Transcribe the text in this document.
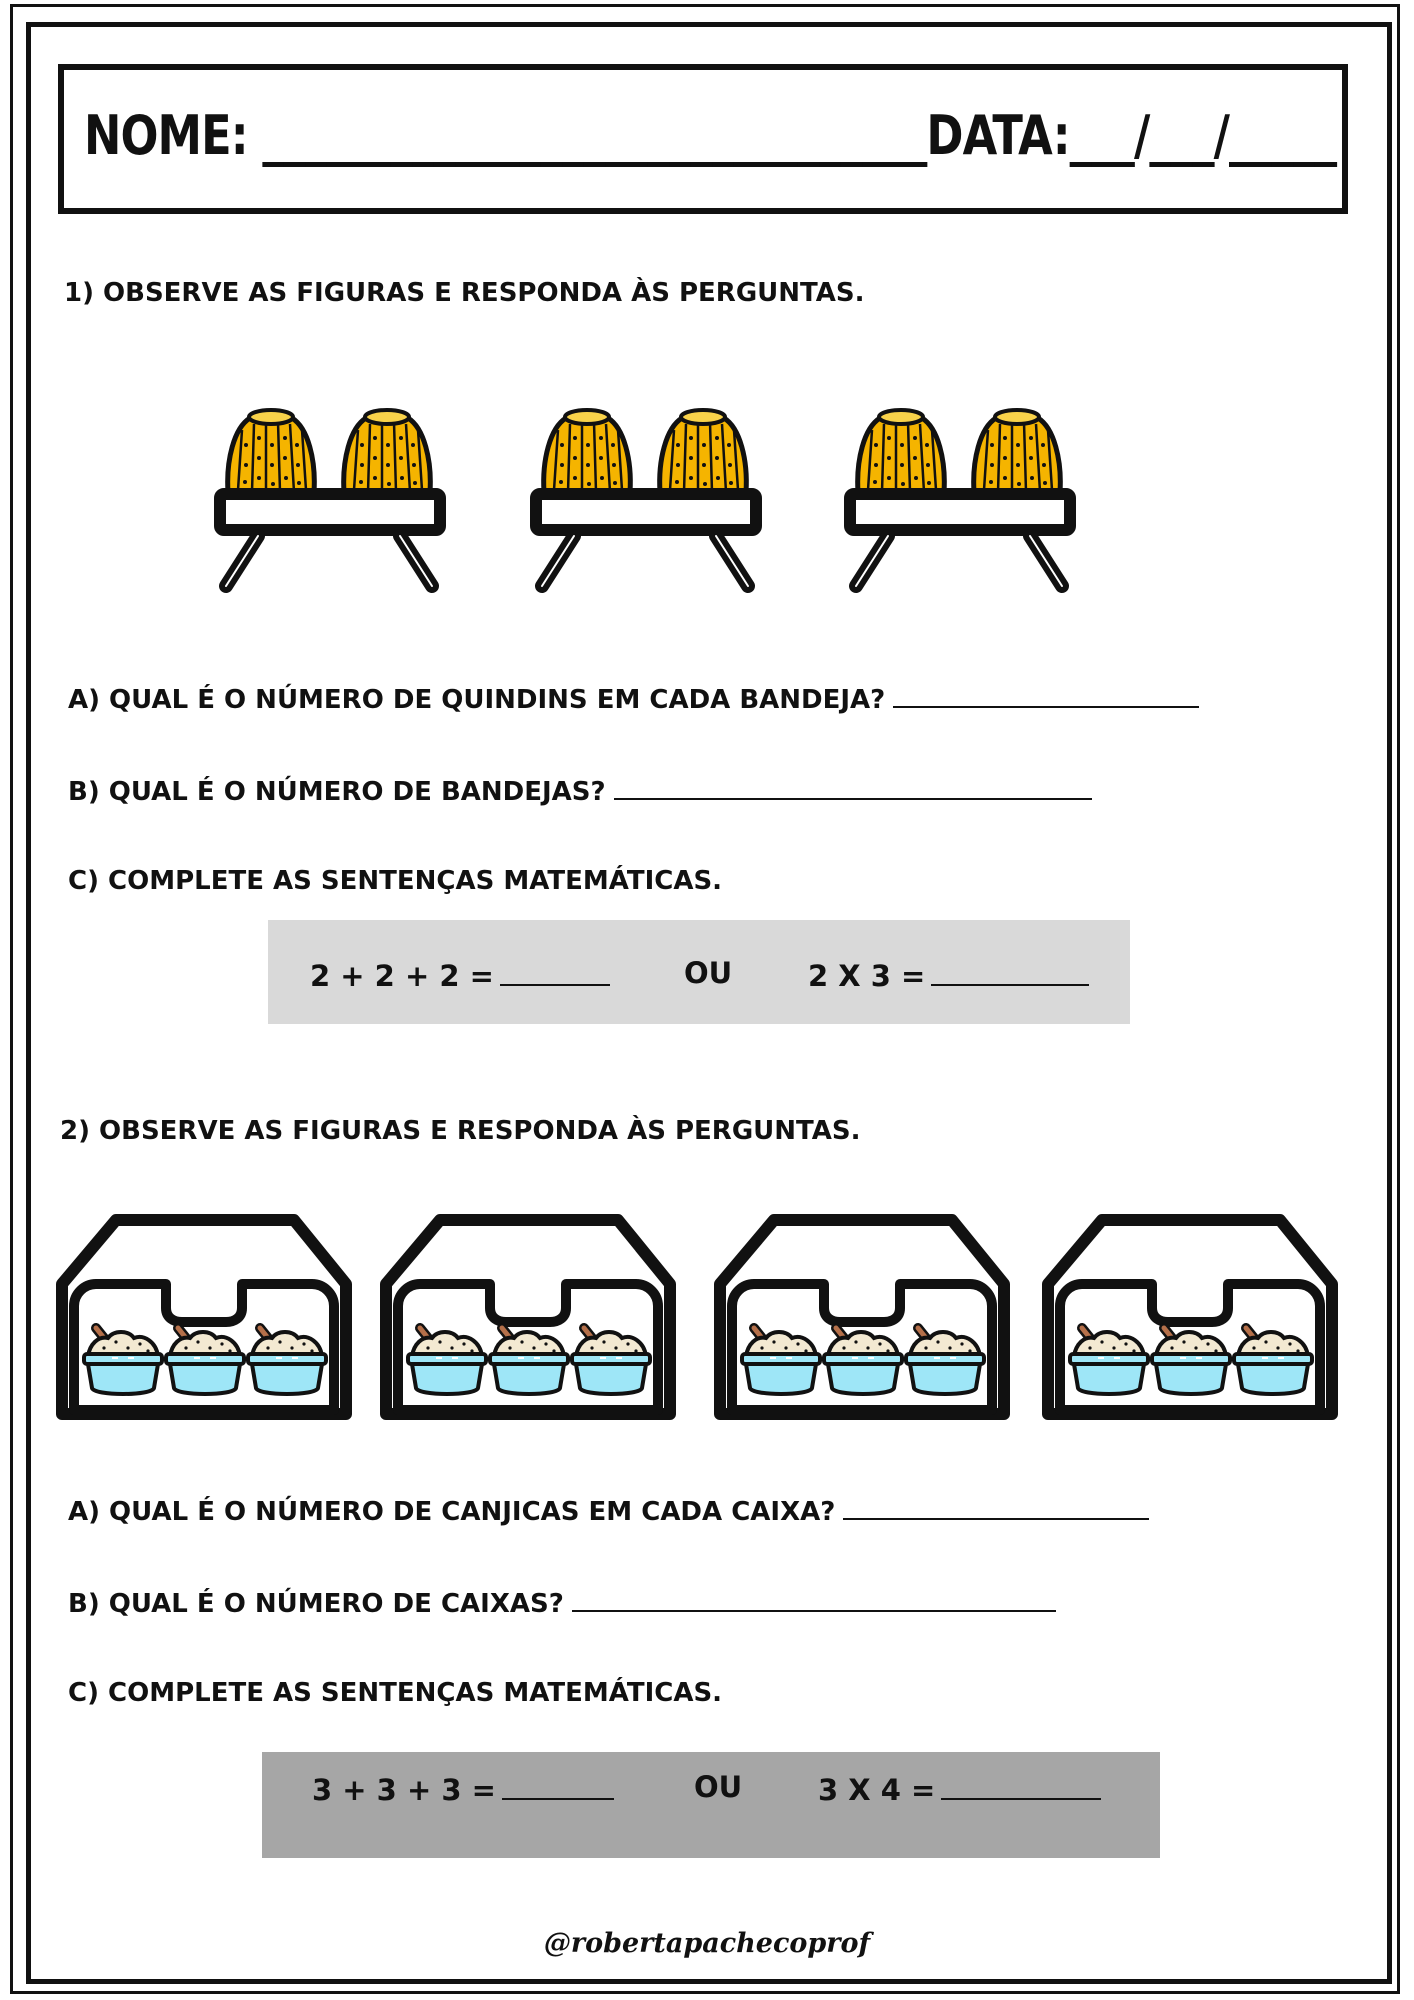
NOME: _______________________________DATA:___/___/_____
1) OBSERVE AS FIGURAS E RESPONDA ÀS PERGUNTAS.
A) QUAL É O NÚMERO DE QUINDINS EM CADA BANDEJA?
B) QUAL É O NÚMERO DE BANDEJAS?
C) COMPLETE AS SENTENÇAS MATEMÁTICAS.
2 + 2 + 2 =	OU	2 X 3 =
2) OBSERVE AS FIGURAS E RESPONDA ÀS PERGUNTAS.
A) QUAL É O NÚMERO DE CANJICAS EM CADA CAIXA?
B) QUAL É O NÚMERO DE CAIXAS?
C) COMPLETE AS SENTENÇAS MATEMÁTICAS.
3 + 3 + 3 =	OU	3 X 4 =
@robertapachecoprof
